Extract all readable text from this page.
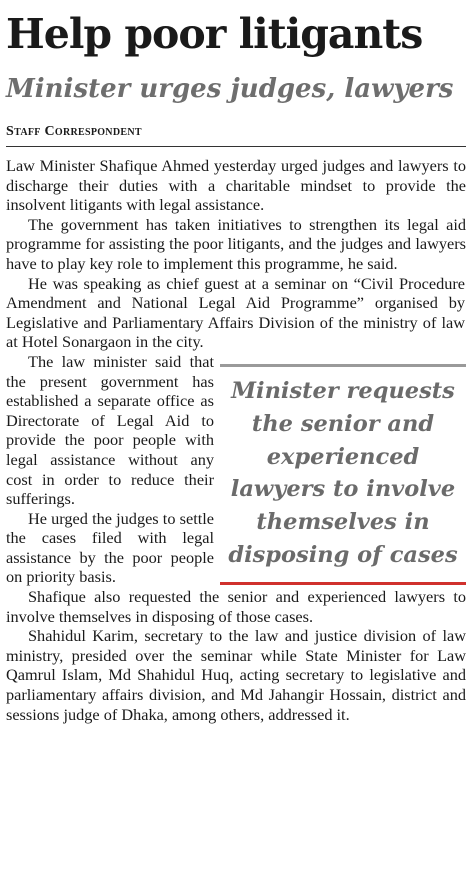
Help poor litigants
Minister urges judges, lawyers
Staff Correspondent

Law Minister Shafique Ahmed yesterday urged judges and lawyers to discharge their duties with a charitable mindset to provide the insolvent litigants with legal assistance.

The government has taken initiatives to strengthen its legal aid programme for assisting the poor litigants, and the judges and lawyers have to play key role to implement this programme, he said.

He was speaking as chief guest at a seminar on “Civil Procedure Amendment and National Legal Aid Programme” organised by Legislative and Parliamentary Affairs Division of the ministry of law at Hotel Sonargaon in the city.

Minister requests the senior and experienced lawyers to involve themselves in disposing of cases

The law minister said that the present government has established a separate office as Directorate of Legal Aid to provide the poor people with legal assistance without any cost in order to reduce their sufferings.

He urged the judges to settle the cases filed with legal assistance by the poor people on priority basis.

Shafique also requested the senior and experienced lawyers to involve themselves in disposing of those cases.

Shahidul Karim, secretary to the law and justice division of law ministry, presided over the seminar while State Minister for Law Qamrul Islam, Md Shahidul Huq, acting secretary to legislative and parliamentary affairs division, and Md Jahangir Hossain, district and sessions judge of Dhaka, among others, addressed it.
